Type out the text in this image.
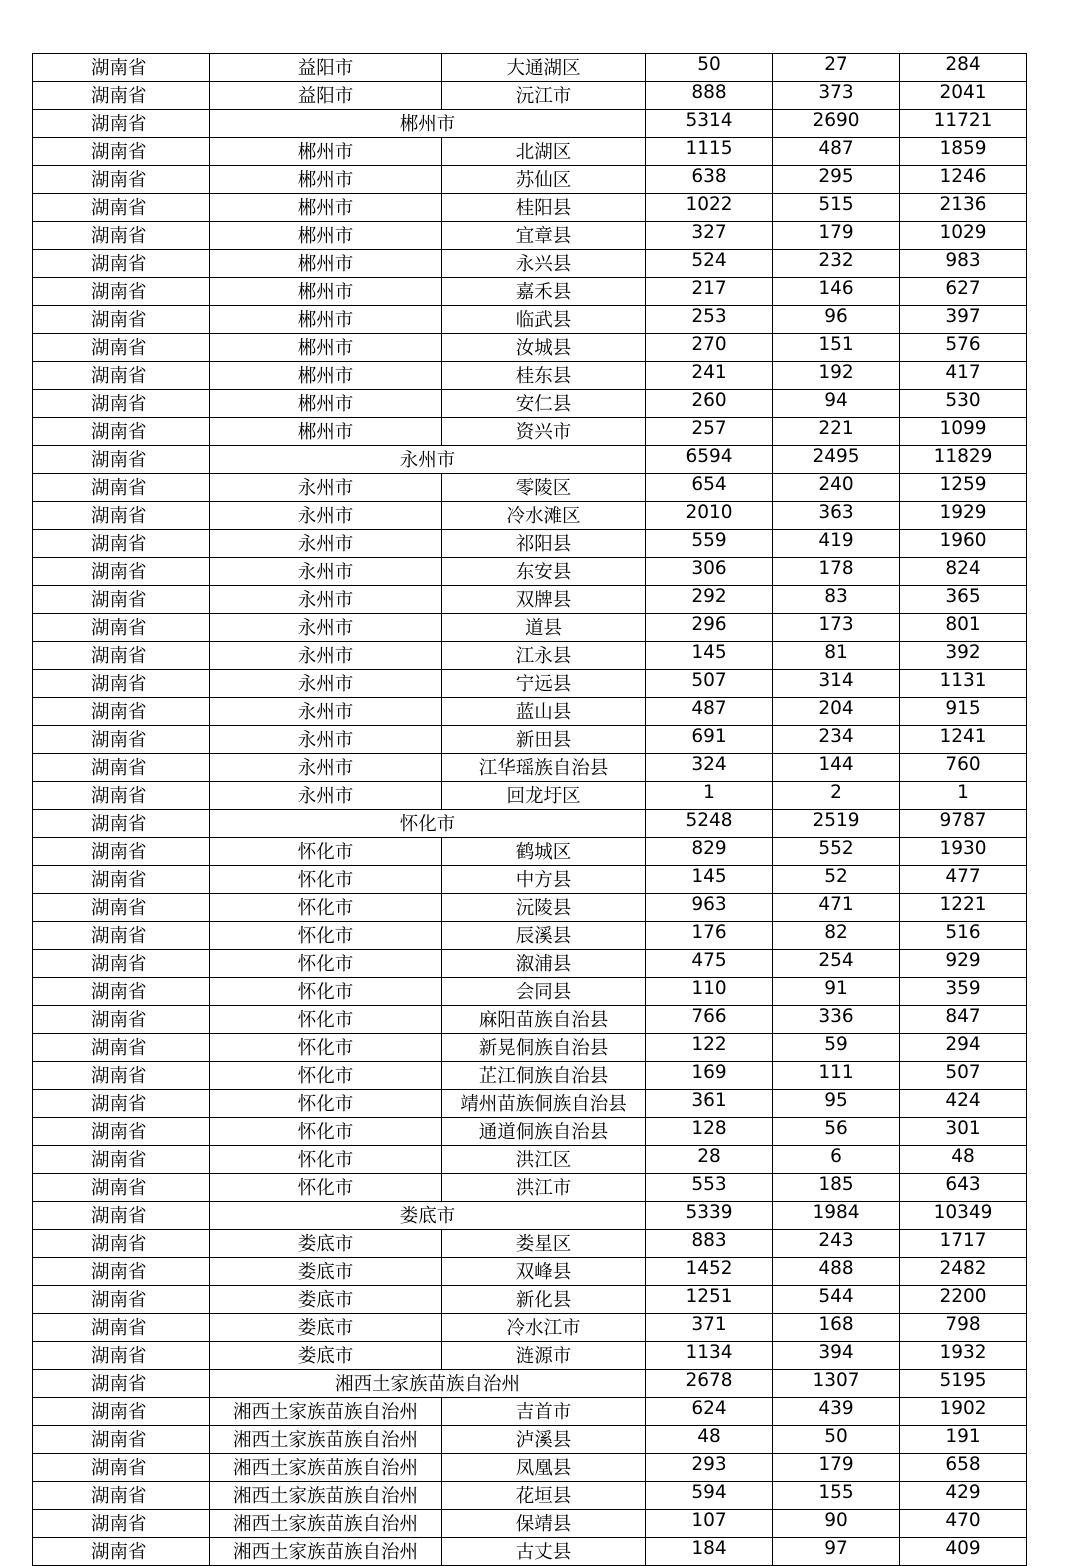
湖南省	益阳市	大通湖区	50	27	284
湖南省	益阳市	沅江市	888	373	2041
湖南省	郴州市		5314	2690	11721
湖南省	郴州市	北湖区	1115	487	1859
湖南省	郴州市	苏仙区	638	295	1246
湖南省	郴州市	桂阳县	1022	515	2136
湖南省	郴州市	宜章县	327	179	1029
湖南省	郴州市	永兴县	524	232	983
湖南省	郴州市	嘉禾县	217	146	627
湖南省	郴州市	临武县	253	96	397
湖南省	郴州市	汝城县	270	151	576
湖南省	郴州市	桂东县	241	192	417
湖南省	郴州市	安仁县	260	94	530
湖南省	郴州市	资兴市	257	221	1099
湖南省	永州市		6594	2495	11829
湖南省	永州市	零陵区	654	240	1259
湖南省	永州市	冷水滩区	2010	363	1929
湖南省	永州市	祁阳县	559	419	1960
湖南省	永州市	东安县	306	178	824
湖南省	永州市	双牌县	292	83	365
湖南省	永州市	道县	296	173	801
湖南省	永州市	江永县	145	81	392
湖南省	永州市	宁远县	507	314	1131
湖南省	永州市	蓝山县	487	204	915
湖南省	永州市	新田县	691	234	1241
湖南省	永州市	江华瑶族自治县	324	144	760
湖南省	永州市	回龙圩区	1	2	1
湖南省	怀化市		5248	2519	9787
湖南省	怀化市	鹤城区	829	552	1930
湖南省	怀化市	中方县	145	52	477
湖南省	怀化市	沅陵县	963	471	1221
湖南省	怀化市	辰溪县	176	82	516
湖南省	怀化市	溆浦县	475	254	929
湖南省	怀化市	会同县	110	91	359
湖南省	怀化市	麻阳苗族自治县	766	336	847
湖南省	怀化市	新晃侗族自治县	122	59	294
湖南省	怀化市	芷江侗族自治县	169	111	507
湖南省	怀化市	靖州苗族侗族自治县	361	95	424
湖南省	怀化市	通道侗族自治县	128	56	301
湖南省	怀化市	洪江区	28	6	48
湖南省	怀化市	洪江市	553	185	643
湖南省	娄底市		5339	1984	10349
湖南省	娄底市	娄星区	883	243	1717
湖南省	娄底市	双峰县	1452	488	2482
湖南省	娄底市	新化县	1251	544	2200
湖南省	娄底市	冷水江市	371	168	798
湖南省	娄底市	涟源市	1134	394	1932
湖南省	湘西土家族苗族自治州		2678	1307	5195
湖南省	湘西土家族苗族自治州	吉首市	624	439	1902
湖南省	湘西土家族苗族自治州	泸溪县	48	50	191
湖南省	湘西土家族苗族自治州	凤凰县	293	179	658
湖南省	湘西土家族苗族自治州	花垣县	594	155	429
湖南省	湘西土家族苗族自治州	保靖县	107	90	470
湖南省	湘西土家族苗族自治州	古丈县	184	97	409
